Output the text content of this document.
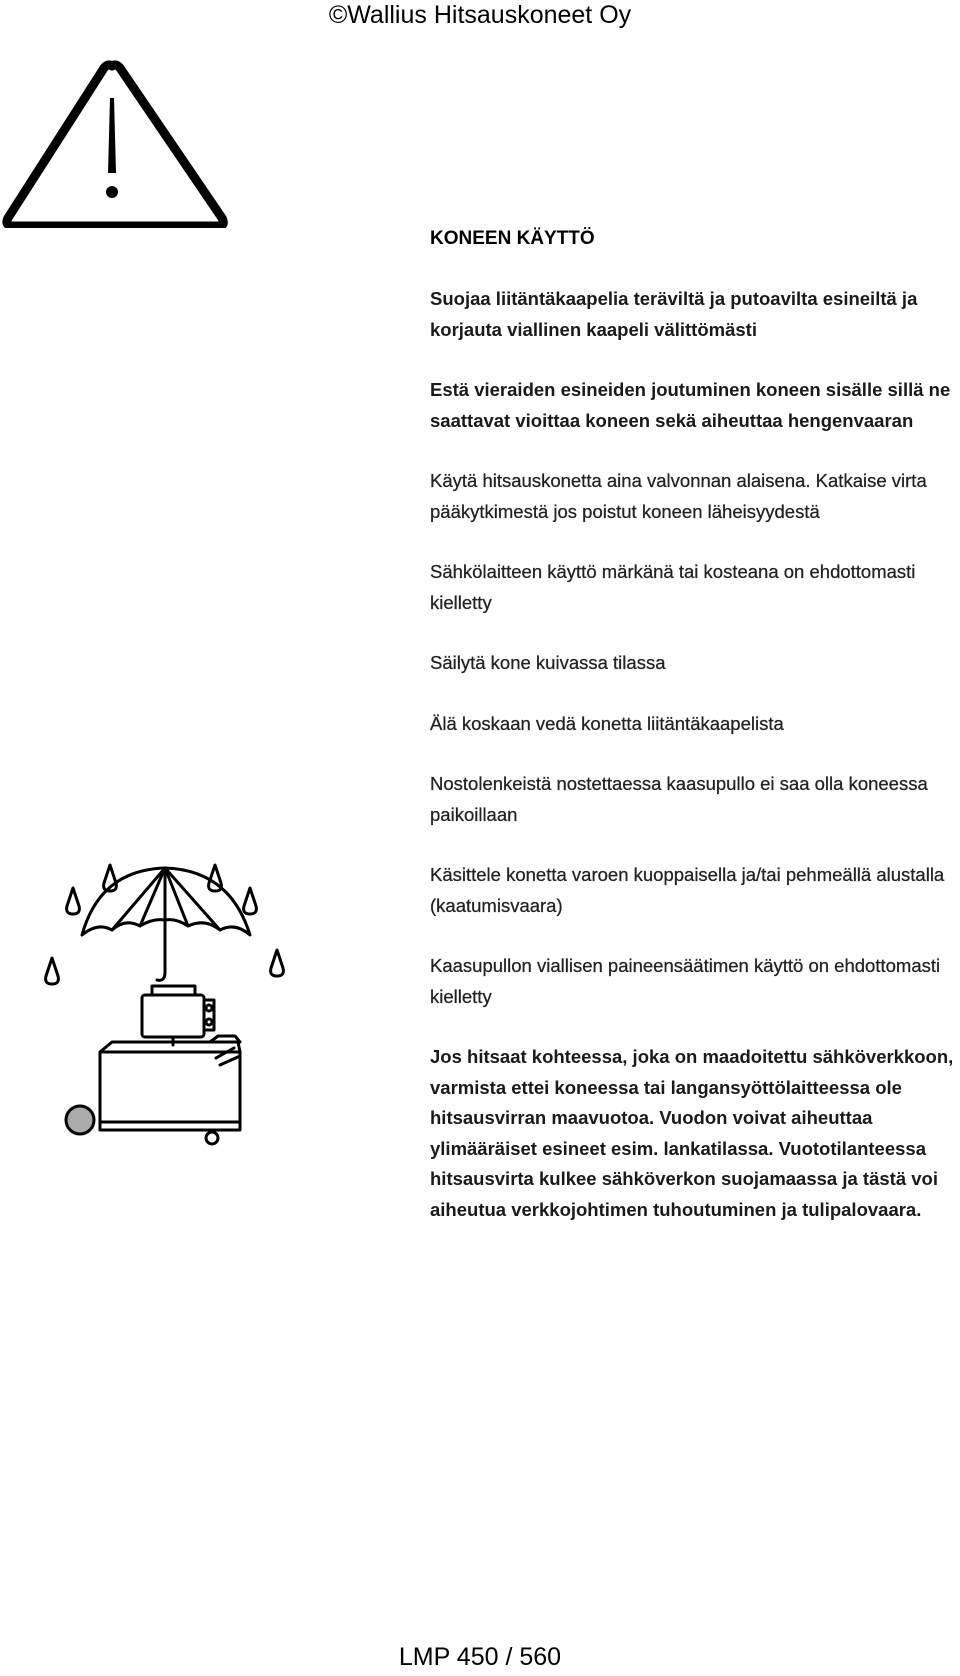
©Wallius Hitsauskoneet Oy
KONEEN KÄYTTÖ
Suojaa liitäntäkaapelia teräviltä ja putoavilta esineiltä ja korjauta viallinen kaapeli välittömästi
Estä vieraiden esineiden joutuminen koneen sisälle sillä ne saattavat vioittaa koneen sekä aiheuttaa hengenvaaran
Käytä hitsauskonetta aina valvonnan alaisena. Katkaise virta pääkytkimestä jos poistut koneen läheisyydestä
Sähkölaitteen käyttö märkänä tai kosteana on ehdottomasti kielletty
Säilytä kone kuivassa tilassa
Älä koskaan vedä konetta liitäntäkaapelista
Nostolenkeistä nostettaessa kaasupullo ei saa olla koneessa paikoillaan
Käsittele konetta varoen kuoppaisella ja/tai pehmeällä alustalla (kaatumisvaara)
Kaasupullon viallisen paineensäätimen käyttö on ehdottomasti kielletty
Jos hitsaat kohteessa, joka on maadoitettu sähköverkkoon, varmista ettei koneessa tai langansyöttölaitteessa ole hitsausvirran maavuotoa. Vuodon voivat aiheuttaa ylimääräiset esineet esim. lankatilassa. Vuototilanteessa hitsausvirta kulkee sähköverkon suojamaassa ja tästä voi aiheutua verkkojohtimen tuhoutuminen ja tulipalovaara.
LMP 450 / 560
